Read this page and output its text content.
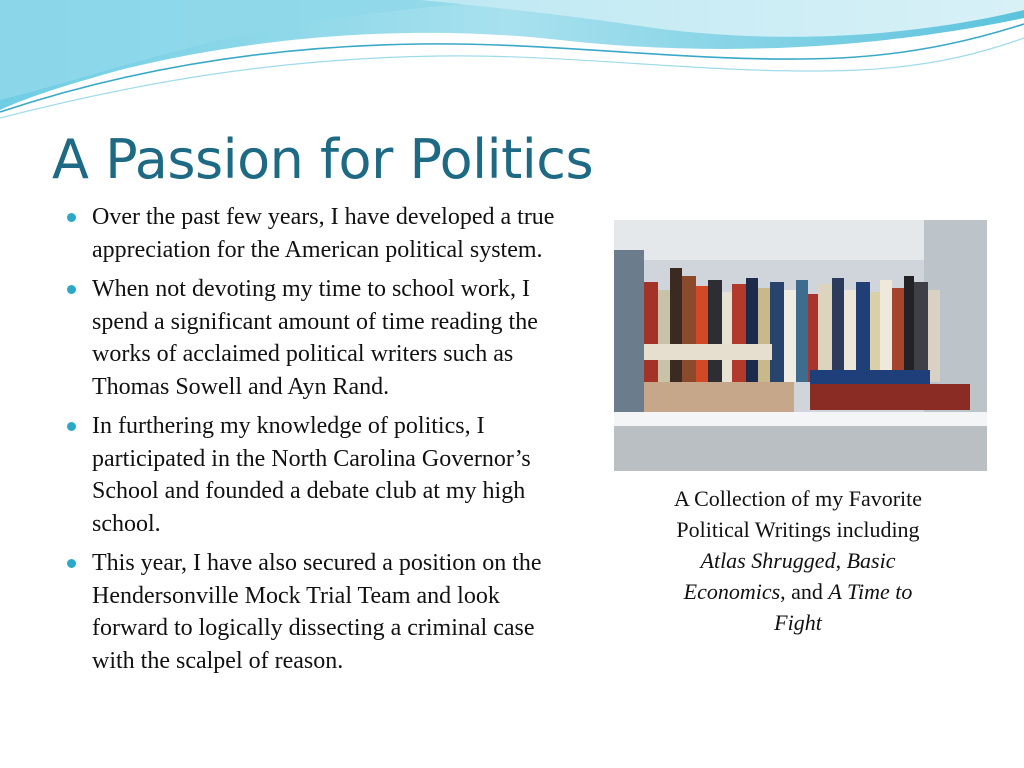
A Passion for Politics
Over the past few years, I have developed a true appreciation for the American political system.
When not devoting my time to school work, I spend a significant amount of time reading the works of acclaimed political writers such as Thomas Sowell and Ayn Rand.
In furthering my knowledge of politics, I participated in the North Carolina Governor’s School and founded a debate club at my high school.
This year, I have also secured a position on the Hendersonville Mock Trial Team and look forward to logically dissecting a criminal case with the scalpel of reason.
A Collection of my Favorite Political Writings including Atlas Shrugged, Basic Economics, and A Time to Fight
